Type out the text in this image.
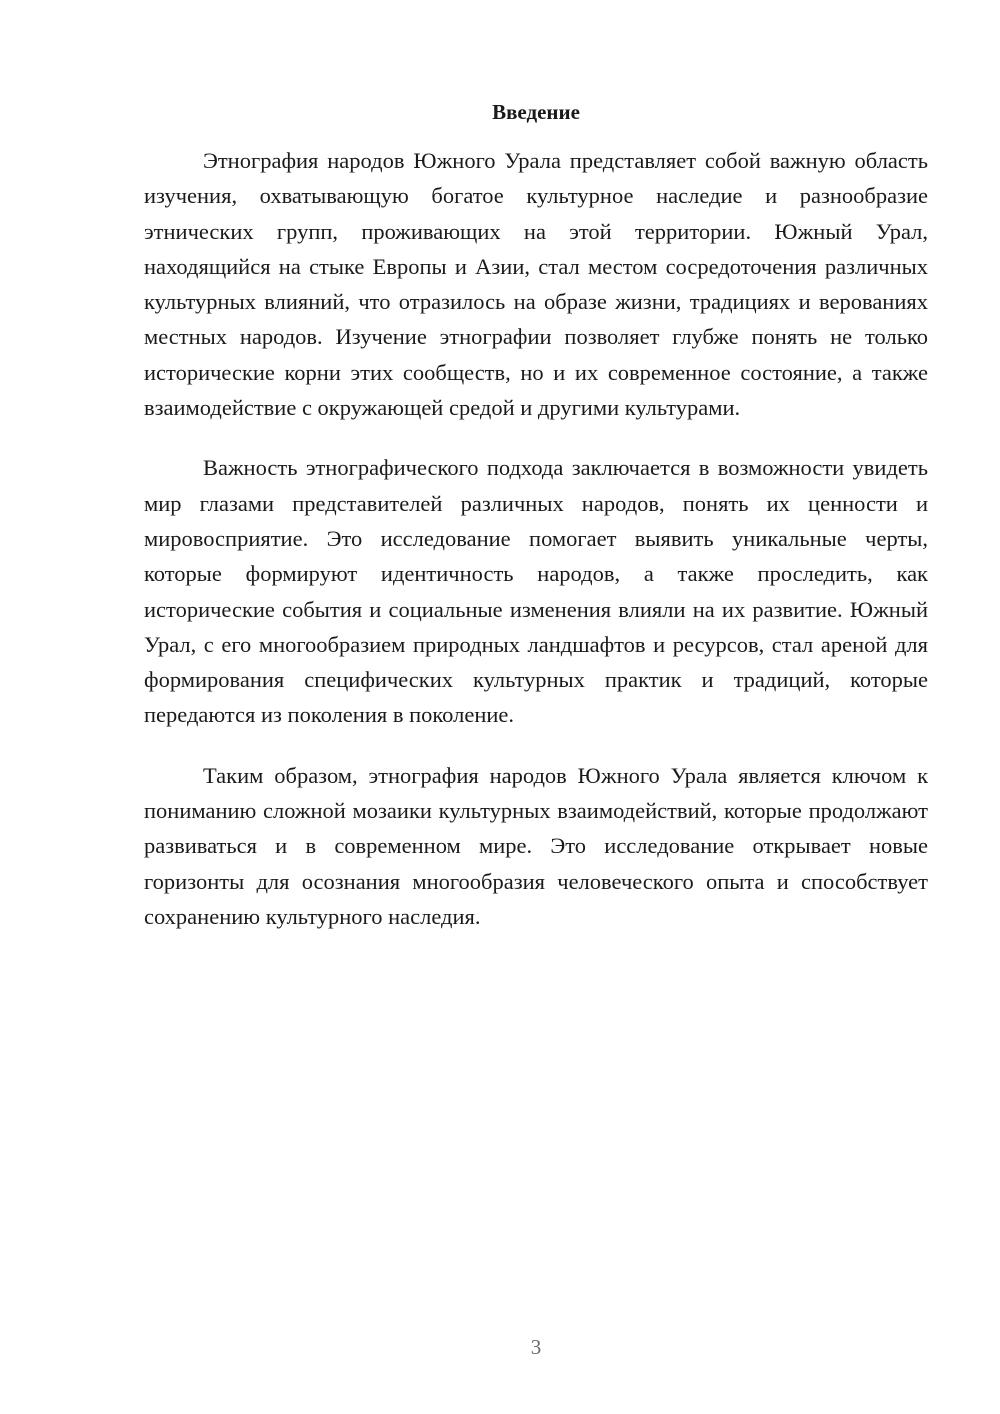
Введение

Этнография народов Южного Урала представляет собой важную область изучения, охватывающую богатое культурное наследие и разнообразие этнических групп, проживающих на этой территории. Южный Урал, находящийся на стыке Европы и Азии, стал местом сосредоточения различных культурных влияний, что отразилось на образе жизни, традициях и верованиях местных народов. Изучение этнографии позволяет глубже понять не только исторические корни этих сообществ, но и их современное состояние, а также взаимодействие с окружающей средой и другими культурами.

Важность этнографического подхода заключается в возможности увидеть мир глазами представителей различных народов, понять их ценности и мировосприятие. Это исследование помогает выявить уникальные черты, которые формируют идентичность народов, а также проследить, как исторические события и социальные изменения влияли на их развитие. Южный Урал, с его многообразием природных ландшафтов и ресурсов, стал ареной для формирования специфических культурных практик и традиций, которые передаются из поколения в поколение.

Таким образом, этнография народов Южного Урала является ключом к пониманию сложной мозаики культурных взаимодействий, которые продолжают развиваться и в современном мире. Это исследование открывает новые горизонты для осознания многообразия человеческого опыта и способствует сохранению культурного наследия.

3
